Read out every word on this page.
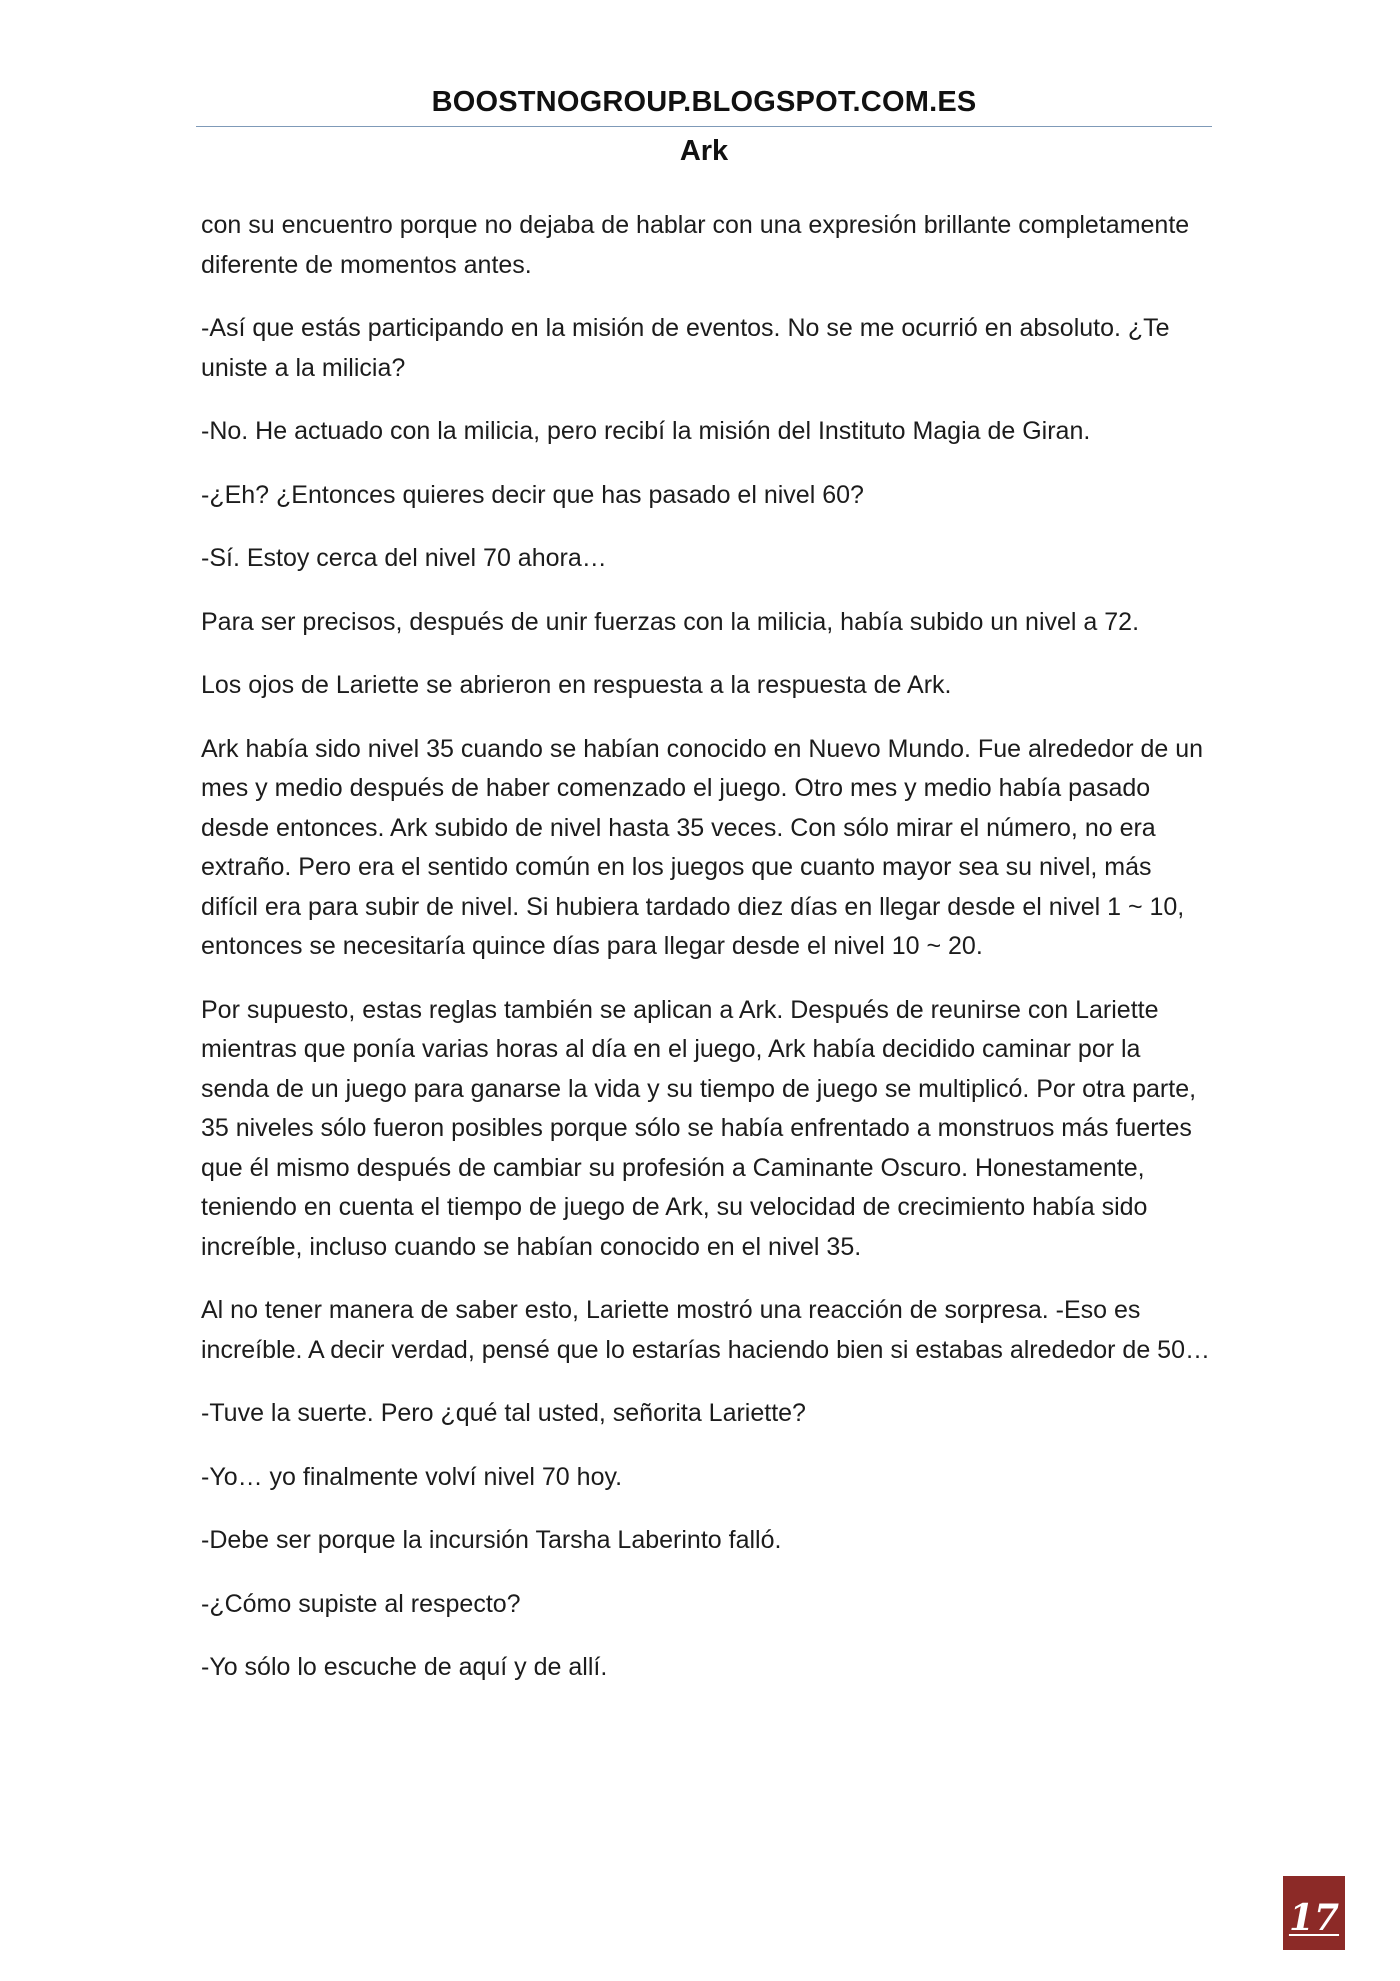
BOOSTNOGROUP.BLOGSPOT.COM.ES
Ark

con su encuentro porque no dejaba de hablar con una expresión brillante completamente diferente de momentos antes.

-Así que estás participando en la misión de eventos. No se me ocurrió en absoluto. ¿Te uniste a la milicia?

-No. He actuado con la milicia, pero recibí la misión del Instituto Magia de Giran.

-¿Eh? ¿Entonces quieres decir que has pasado el nivel 60?

-Sí. Estoy cerca del nivel 70 ahora…

Para ser precisos, después de unir fuerzas con la milicia, había subido un nivel a 72.

Los ojos de Lariette se abrieron en respuesta a la respuesta de Ark.

Ark había sido nivel 35 cuando se habían conocido en Nuevo Mundo. Fue alrededor de un mes y medio después de haber comenzado el juego. Otro mes y medio había pasado desde entonces. Ark subido de nivel hasta 35 veces. Con sólo mirar el número, no era extraño. Pero era el sentido común en los juegos que cuanto mayor sea su nivel, más difícil era para subir de nivel. Si hubiera tardado diez días en llegar desde el nivel 1 ~ 10, entonces se necesitaría quince días para llegar desde el nivel 10 ~ 20.

Por supuesto, estas reglas también se aplican a Ark. Después de reunirse con Lariette mientras que ponía varias horas al día en el juego, Ark había decidido caminar por la senda de un juego para ganarse la vida y su tiempo de juego se multiplicó. Por otra parte, 35 niveles sólo fueron posibles porque sólo se había enfrentado a monstruos más fuertes que él mismo después de cambiar su profesión a Caminante Oscuro. Honestamente, teniendo en cuenta el tiempo de juego de Ark, su velocidad de crecimiento había sido increíble, incluso cuando se habían conocido en el nivel 35.

Al no tener manera de saber esto, Lariette mostró una reacción de sorpresa. -Eso es increíble. A decir verdad, pensé que lo estarías haciendo bien si estabas alrededor de 50…

-Tuve la suerte. Pero ¿qué tal usted, señorita Lariette?

-Yo… yo finalmente volví nivel 70 hoy.

-Debe ser porque la incursión Tarsha Laberinto falló.

-¿Cómo supiste al respecto?

-Yo sólo lo escuche de aquí y de allí.

17
